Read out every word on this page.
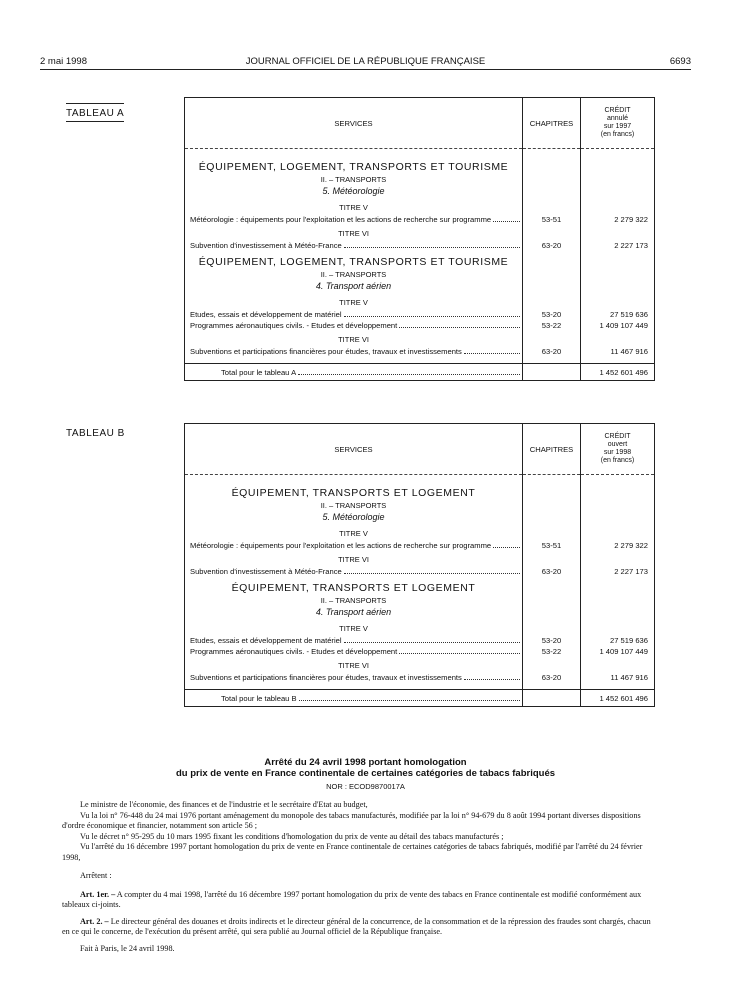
2 mai 1998	JOURNAL OFFICIEL DE LA RÉPUBLIQUE FRANÇAISE	6693
TABLEAU A
SERVICES	CHAPITRES	CRÉDIT
annulé
sur 1997
(en francs)

ÉQUIPEMENT, LOGEMENT, TRANSPORTS ET TOURISME		
II. – TRANSPORTS		
5. Météorologie		
TITRE V		

Météorologie : équipements pour l'exploitation et les actions de recherche sur programme	53-51	2 279 322
TITRE VI		

Subvention d'investissement à Météo-France	63-20	2 227 173
ÉQUIPEMENT, LOGEMENT, TRANSPORTS ET TOURISME		
II. – TRANSPORTS		
4. Transport aérien		
TITRE V		

Etudes, essais et développement de matériel	53-20	27 519 636

Programmes aéronautiques civils. - Etudes et développement	53-22	1 409 107 449
TITRE VI		

Subventions et participations financières pour études, travaux et investissements	63-20	11 467 916

Total pour le tableau A		1 452 601 496
TABLEAU B
SERVICES	CHAPITRES	CRÉDIT
ouvert
sur 1998
(en francs)

ÉQUIPEMENT, TRANSPORTS ET LOGEMENT		
II. – TRANSPORTS		
5. Météorologie		
TITRE V		

Météorologie : équipements pour l'exploitation et les actions de recherche sur programme	53-51	2 279 322
TITRE VI		

Subvention d'investissement à Météo-France	63-20	2 227 173
ÉQUIPEMENT, TRANSPORTS ET LOGEMENT		
II. – TRANSPORTS		
4. Transport aérien		
TITRE V		

Etudes, essais et développement de matériel	53-20	27 519 636

Programmes aéronautiques civils. - Etudes et développement	53-22	1 409 107 449
TITRE VI		

Subventions et participations financières pour études, travaux et investissements	63-20	11 467 916

Total pour le tableau B		1 452 601 496
Arrêté du 24 avril 1998 portant homologation
du prix de vente en France continentale de certaines catégories de tabacs fabriqués
NOR : ECOD9870017A

Le ministre de l'économie, des finances et de l'industrie et le secrétaire d'Etat au budget,

Vu la loi n° 76-448 du 24 mai 1976 portant aménagement du monopole des tabacs manufacturés, modifiée par la loi n° 94-679 du 8 août 1994 portant diverses dispositions d'ordre économique et financier, notamment son article 56 ;

Vu le décret n° 95-295 du 10 mars 1995 fixant les conditions d'homologation du prix de vente au détail des tabacs manufacturés ;

Vu l'arrêté du 16 décembre 1997 portant homologation du prix de vente en France continentale de certaines catégories de tabacs fabriqués, modifié par l'arrêté du 24 février 1998,

Arrêtent :

Art. 1er. – A compter du 4 mai 1998, l'arrêté du 16 décembre 1997 portant homologation du prix de vente des tabacs en France continentale est modifié conformément aux tableaux ci-joints.

Art. 2. – Le directeur général des douanes et droits indirects et le directeur général de la concurrence, de la consommation et de la répression des fraudes sont chargés, chacun en ce qui le concerne, de l'exécution du présent arrêté, qui sera publié au Journal officiel de la République française.

Fait à Paris, le 24 avril 1998.
